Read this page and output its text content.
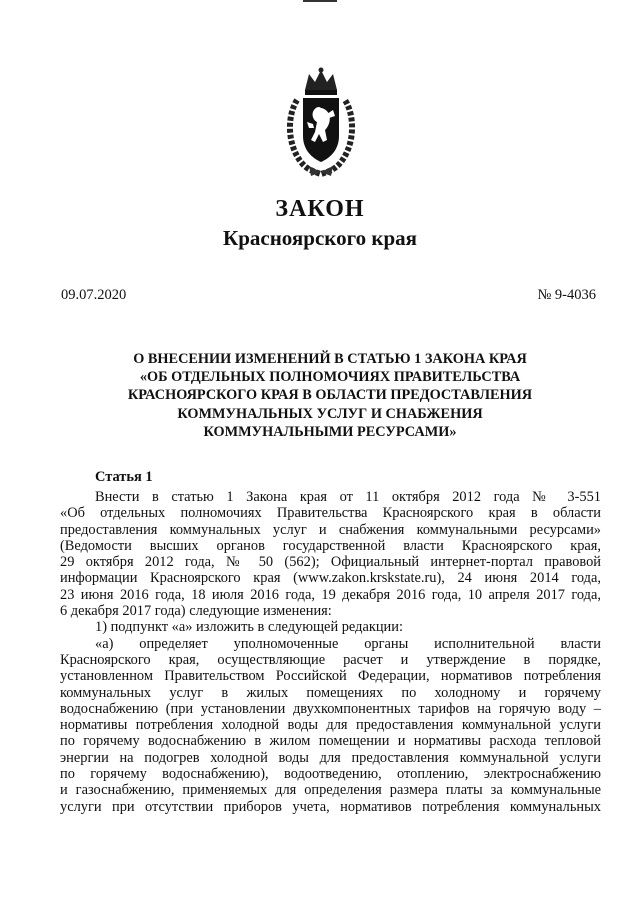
ЗАКОН
Красноярского края
09.07.2020	№ 9-4036
О ВНЕСЕНИИ ИЗМЕНЕНИЙ В СТАТЬЮ 1 ЗАКОНА КРАЯ
«ОБ ОТДЕЛЬНЫХ ПОЛНОМОЧИЯХ ПРАВИТЕЛЬСТВА
КРАСНОЯРСКОГО КРАЯ В ОБЛАСТИ ПРЕДОСТАВЛЕНИЯ
КОММУНАЛЬНЫХ УСЛУГ И СНАБЖЕНИЯ
КОММУНАЛЬНЫМИ РЕСУРСАМИ»
Статья 1
Внести в статью 1 Закона края от 11 октября 2012 года № 3-551
«Об отдельных полномочиях Правительства Красноярского края в области
предоставления коммунальных услуг и снабжения коммунальными ресурсами»
(Ведомости высших органов государственной власти Красноярского края,
29 октября 2012 года, № 50 (562); Официальный интернет-портал правовой
информации Красноярского края (www.zakon.krskstate.ru), 24 июня 2014 года,
23 июня 2016 года, 18 июля 2016 года, 19 декабря 2016 года, 10 апреля 2017 года,
6 декабря 2017 года) следующие изменения:
1) подпункт «а» изложить в следующей редакции:
«а) определяет уполномоченные органы исполнительной власти
Красноярского края, осуществляющие расчет и утверждение в порядке,
установленном Правительством Российской Федерации, нормативов потребления
коммунальных услуг в жилых помещениях по холодному и горячему
водоснабжению (при установлении двухкомпонентных тарифов на горячую воду –
нормативы потребления холодной воды для предоставления коммунальной услуги
по горячему водоснабжению в жилом помещении и нормативы расхода тепловой
энергии на подогрев холодной воды для предоставления коммунальной услуги
по горячему водоснабжению), водоотведению, отоплению, электроснабжению
и газоснабжению, применяемых для определения размера платы за коммунальные
услуги при отсутствии приборов учета, нормативов потребления коммунальных
